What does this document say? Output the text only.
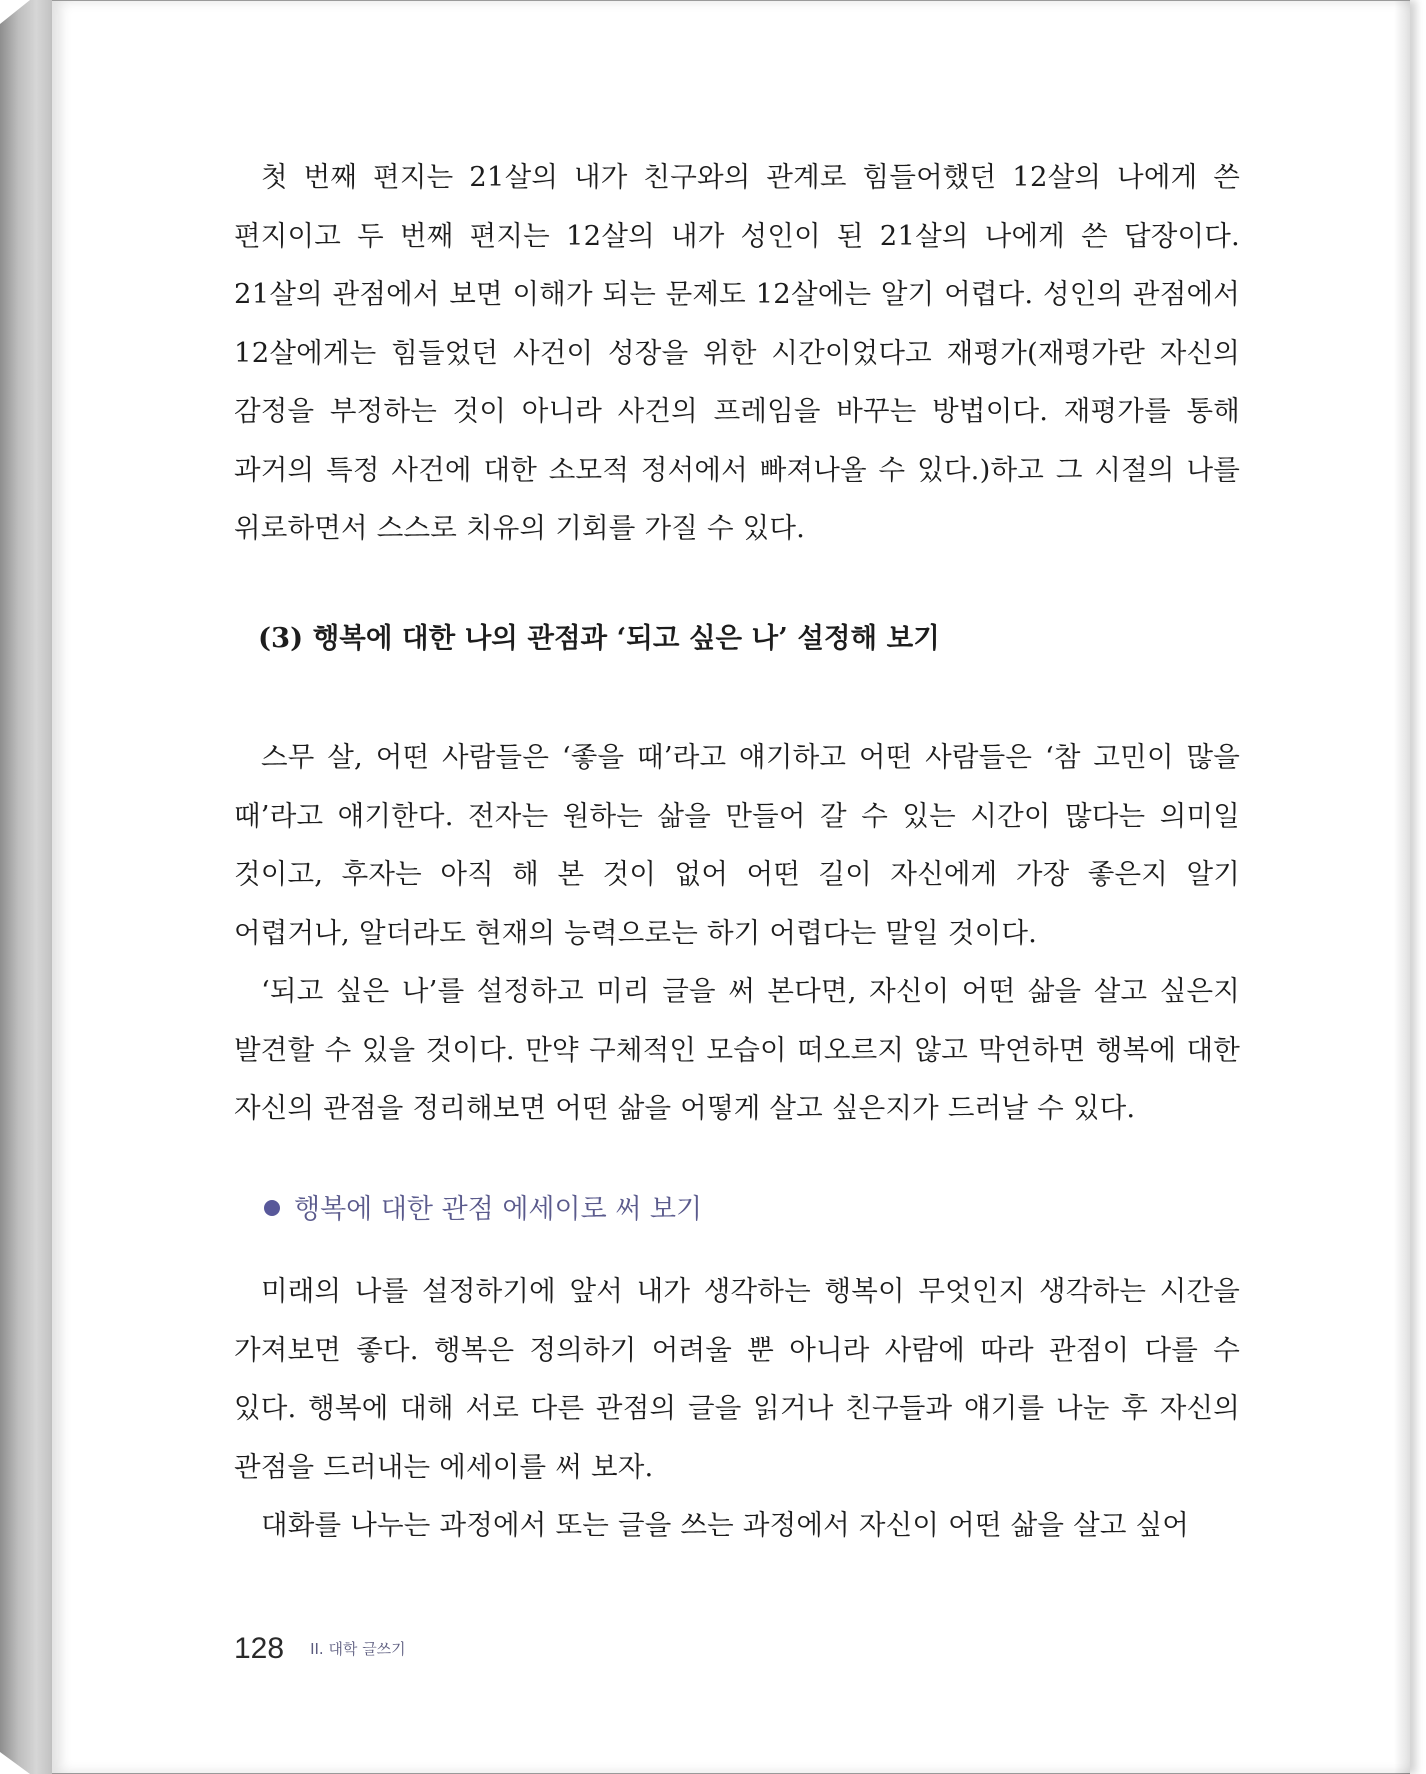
첫 번째 편지는 21살의 내가 친구와의 관계로 힘들어했던 12살의 나에게 쓴 편지이고 두 번째 편지는 12살의 내가 성인이 된 21살의 나에게 쓴 답장이다. 21살의 관점에서 보면 이해가 되는 문제도 12살에는 알기 어렵다. 성인의 관점에서 12살에게는 힘들었던 사건이 성장을 위한 시간이었다고 재평가(재평가란 자신의 감정을 부정하는 것이 아니라 사건의 프레임을 바꾸는 방법이다. 재평가를 통해 과거의 특정 사건에 대한 소모적 정서에서 빠져나올 수 있다.)하고 그 시절의 나를 위로하면서 스스로 치유의 기회를 가질 수 있다.

(3) 행복에 대한 나의 관점과 ‘되고 싶은 나’ 설정해 보기

스무 살, 어떤 사람들은 ‘좋을 때’라고 얘기하고 어떤 사람들은 ‘참 고민이 많을 때’라고 얘기한다. 전자는 원하는 삶을 만들어 갈 수 있는 시간이 많다는 의미일 것이고, 후자는 아직 해 본 것이 없어 어떤 길이 자신에게 가장 좋은지 알기 어렵거나, 알더라도 현재의 능력으로는 하기 어렵다는 말일 것이다.

‘되고 싶은 나’를 설정하고 미리 글을 써 본다면, 자신이 어떤 삶을 살고 싶은지 발견할 수 있을 것이다. 만약 구체적인 모습이 떠오르지 않고 막연하면 행복에 대한 자신의 관점을 정리해보면 어떤 삶을 어떻게 살고 싶은지가 드러날 수 있다.

행복에 대한 관점 에세이로 써 보기

미래의 나를 설정하기에 앞서 내가 생각하는 행복이 무엇인지 생각하는 시간을 가져보면 좋다. 행복은 정의하기 어려울 뿐 아니라 사람에 따라 관점이 다를 수 있다. 행복에 대해 서로 다른 관점의 글을 읽거나 친구들과 얘기를 나눈 후 자신의 관점을 드러내는 에세이를 써 보자.

대화를 나누는 과정에서 또는 글을 쓰는 과정에서 자신이 어떤 삶을 살고 싶어

128 II. 대학 글쓰기
